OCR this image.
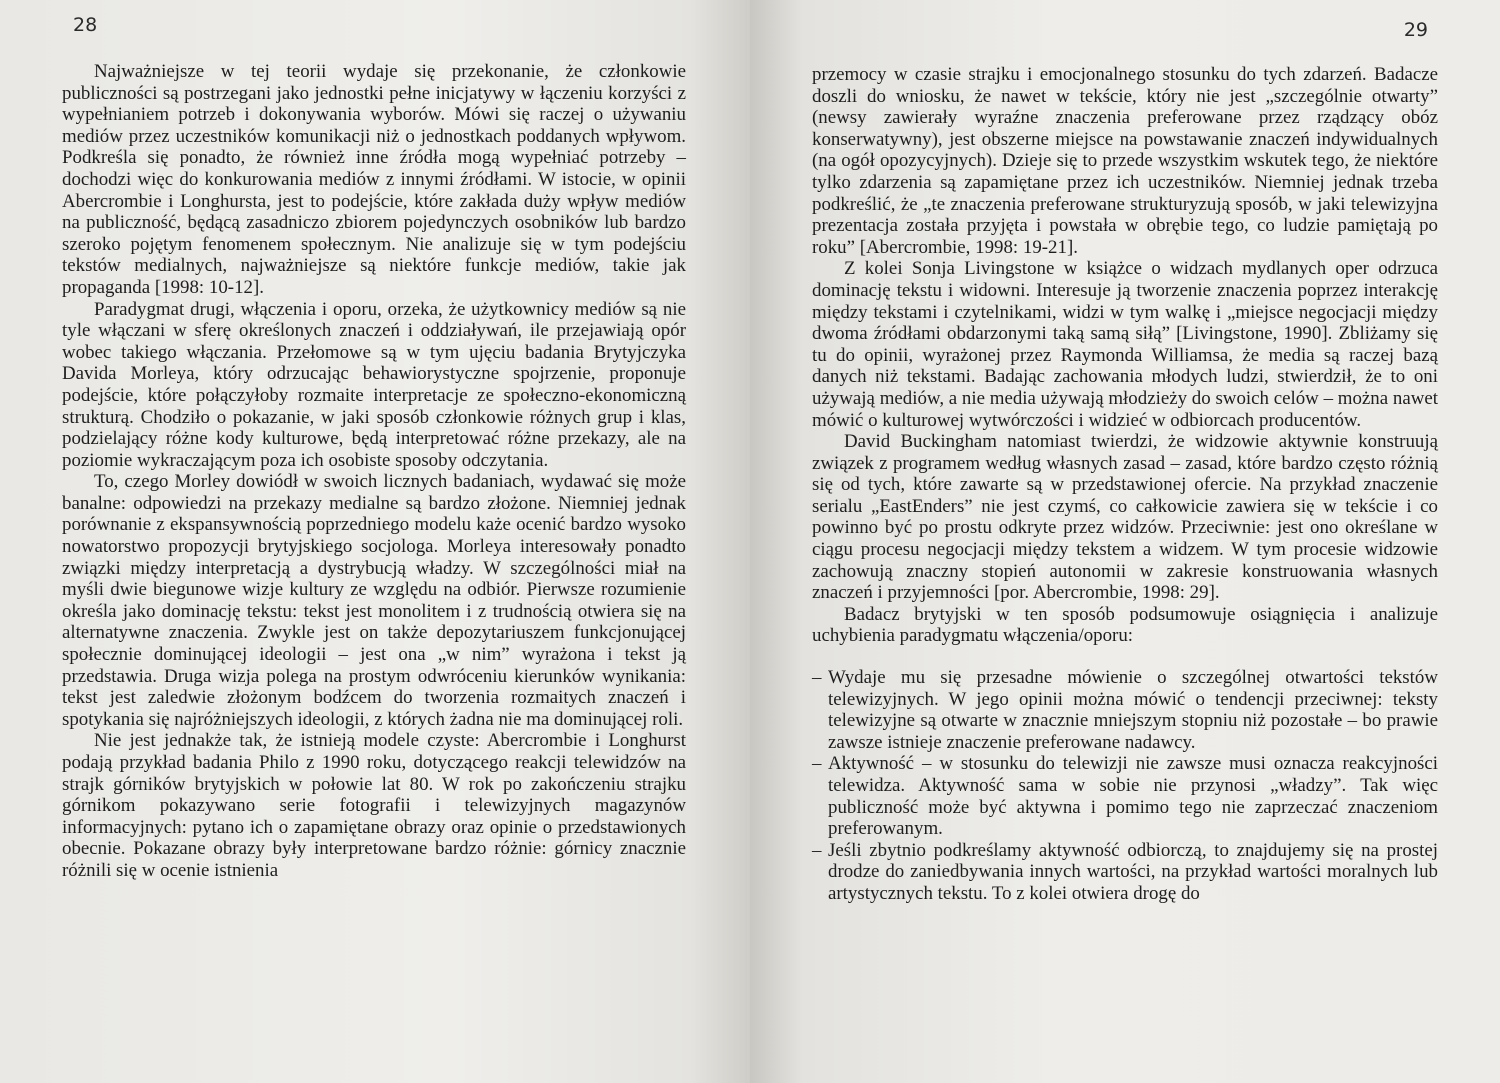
28

Najważniejsze w tej teorii wydaje się przekonanie, że członkowie publiczności są postrzegani jako jednostki pełne inicjatywy w łączeniu korzyści z wypełnianiem potrzeb i dokonywania wyborów. Mówi się raczej o używaniu mediów przez uczestników komunikacji niż o jednostkach poddanych wpływom. Podkreśla się ponadto, że również inne źródła mogą wypełniać potrzeby – dochodzi więc do konkurowania mediów z innymi źródłami. W istocie, w opinii Abercrombie i Longhursta, jest to podejście, które zakłada duży wpływ mediów na publiczność, będącą zasadniczo zbiorem pojedynczych osobników lub bardzo szeroko pojętym fenomenem społecznym. Nie analizuje się w tym podejściu tekstów medialnych, najważniejsze są niektóre funkcje mediów, takie jak propaganda [1998: 10-12].

Paradygmat drugi, włączenia i oporu, orzeka, że użytkownicy mediów są nie tyle włączani w sferę określonych znaczeń i oddziaływań, ile przejawiają opór wobec takiego włączania. Przełomowe są w tym ujęciu badania Brytyjczyka Davida Morleya, który odrzucając behawiorystyczne spojrzenie, proponuje podejście, które połączyłoby rozmaite interpretacje ze społeczno-ekonomiczną strukturą. Chodziło o pokazanie, w jaki sposób członkowie różnych grup i klas, podzielający różne kody kulturowe, będą interpretować różne przekazy, ale na poziomie wykraczającym poza ich osobiste sposoby odczytania.

To, czego Morley dowiódł w swoich licznych badaniach, wydawać się może banalne: odpowiedzi na przekazy medialne są bardzo złożone. Niemniej jednak porównanie z ekspansywnością poprzedniego modelu każe ocenić bardzo wysoko nowatorstwo propozycji brytyjskiego socjologa. Morleya interesowały ponadto związki między interpretacją a dystrybucją władzy. W szczególności miał na myśli dwie biegunowe wizje kultury ze względu na odbiór. Pierwsze rozumienie określa jako dominację tekstu: tekst jest monolitem i z trudnością otwiera się na alternatywne znaczenia. Zwykle jest on także depozytariuszem funkcjonującej społecznie dominującej ideologii – jest ona „w nim” wyrażona i tekst ją przedstawia. Druga wizja polega na prostym odwróceniu kierunków wynikania: tekst jest zaledwie złożonym bodźcem do tworzenia rozmaitych znaczeń i spotykania się najróżniejszych ideologii, z których żadna nie ma dominującej roli.

Nie jest jednakże tak, że istnieją modele czyste: Abercrombie i Longhurst podają przykład badania Philo z 1990 roku, dotyczącego reakcji telewidzów na strajk górników brytyjskich w połowie lat 80. W rok po zakończeniu strajku górnikom pokazywano serie fotografii i telewizyjnych magazynów informacyjnych: pytano ich o zapamiętane obrazy oraz opinie o przedstawionych obecnie. Pokazane obrazy były interpretowane bardzo różnie: górnicy znacznie różnili się w ocenie istnienia

29

przemocy w czasie strajku i emocjonalnego stosunku do tych zdarzeń. Badacze doszli do wniosku, że nawet w tekście, który nie jest „szczególnie otwarty” (newsy zawierały wyraźne znaczenia preferowane przez rządzący obóz konserwatywny), jest obszerne miejsce na powstawanie znaczeń indywidualnych (na ogół opozycyjnych). Dzieje się to przede wszystkim wskutek tego, że niektóre tylko zdarzenia są zapamiętane przez ich uczestników. Niemniej jednak trzeba podkreślić, że „te znaczenia preferowane strukturyzują sposób, w jaki telewizyjna prezentacja została przyjęta i powstała w obrębie tego, co ludzie pamiętają po roku” [Abercrombie, 1998: 19-21].

Z kolei Sonja Livingstone w książce o widzach mydlanych oper odrzuca dominację tekstu i widowni. Interesuje ją tworzenie znaczenia poprzez interakcję między tekstami i czytelnikami, widzi w tym walkę i „miejsce negocjacji między dwoma źródłami obdarzonymi taką samą siłą” [Livingstone, 1990]. Zbliżamy się tu do opinii, wyrażonej przez Raymonda Williamsa, że media są raczej bazą danych niż tekstami. Badając zachowania młodych ludzi, stwierdził, że to oni używają mediów, a nie media używają młodzieży do swoich celów – można nawet mówić o kulturowej wytwórczości i widzieć w odbiorcach producentów.

David Buckingham natomiast twierdzi, że widzowie aktywnie konstruują związek z programem według własnych zasad – zasad, które bardzo często różnią się od tych, które zawarte są w przedstawionej ofercie. Na przykład znaczenie serialu „EastEnders” nie jest czymś, co całkowicie zawiera się w tekście i co powinno być po prostu odkryte przez widzów. Przeciwnie: jest ono określane w ciągu procesu negocjacji między tekstem a widzem. W tym procesie widzowie zachowują znaczny stopień autonomii w zakresie konstruowania własnych znaczeń i przyjemności [por. Abercrombie, 1998: 29].

Badacz brytyjski w ten sposób podsumowuje osiągnięcia i analizuje uchybienia paradygmatu włączenia/oporu:

– Wydaje mu się przesadne mówienie o szczególnej otwartości tekstów telewizyjnych. W jego opinii można mówić o tendencji przeciwnej: teksty telewizyjne są otwarte w znacznie mniejszym stopniu niż pozostałe – bo prawie zawsze istnieje znaczenie preferowane nadawcy.
– Aktywność – w stosunku do telewizji nie zawsze musi oznacza reakcyjności telewidza. Aktywność sama w sobie nie przynosi „władzy”. Tak więc publiczność może być aktywna i pomimo tego nie zaprzeczać znaczeniom preferowanym.
– Jeśli zbytnio podkreślamy aktywność odbiorczą, to znajdujemy się na prostej drodze do zaniedbywania innych wartości, na przykład wartości moralnych lub artystycznych tekstu. To z kolei otwiera drogę do
